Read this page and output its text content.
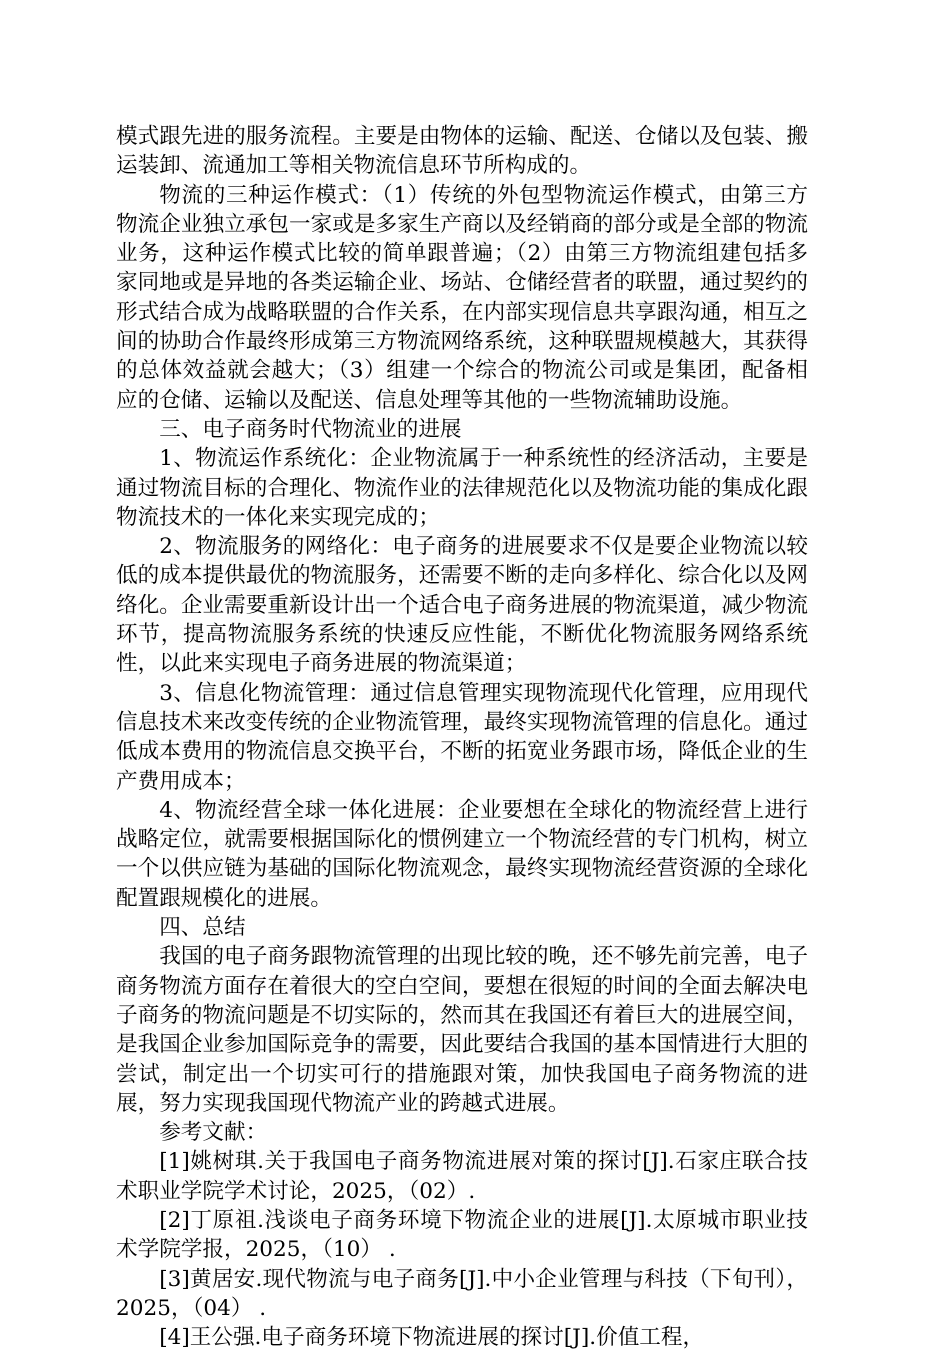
模式跟先进的服务流程。主要是由物体的运输、配送、仓储以及包装、搬运装卸、流通加工等相关物流信息环节所构成的。

物流的三种运作模式：（1）传统的外包型物流运作模式，由第三方物流企业独立承包一家或是多家生产商以及经销商的部分或是全部的物流业务，这种运作模式比较的简单跟普遍；（2）由第三方物流组建包括多家同地或是异地的各类运输企业、场站、仓储经营者的联盟，通过契约的形式结合成为战略联盟的合作关系，在内部实现信息共享跟沟通，相互之间的协助合作最终形成第三方物流网络系统，这种联盟规模越大，其获得的总体效益就会越大；（3）组建一个综合的物流公司或是集团，配备相应的仓储、运输以及配送、信息处理等其他的一些物流辅助设施。

三、电子商务时代物流业的进展

1、物流运作系统化：企业物流属于一种系统性的经济活动，主要是通过物流目标的合理化、物流作业的法律规范化以及物流功能的集成化跟物流技术的一体化来实现完成的；

2、物流服务的网络化：电子商务的进展要求不仅是要企业物流以较低的成本提供最优的物流服务，还需要不断的走向多样化、综合化以及网络化。企业需要重新设计出一个适合电子商务进展的物流渠道，减少物流环节，提高物流服务系统的快速反应性能，不断优化物流服务网络系统性，以此来实现电子商务进展的物流渠道；

3、信息化物流管理：通过信息管理实现物流现代化管理，应用现代信息技术来改变传统的企业物流管理，最终实现物流管理的信息化。通过低成本费用的物流信息交换平台，不断的拓宽业务跟市场，降低企业的生产费用成本；

4、物流经营全球一体化进展：企业要想在全球化的物流经营上进行战略定位，就需要根据国际化的惯例建立一个物流经营的专门机构，树立一个以供应链为基础的国际化物流观念，最终实现物流经营资源的全球化配置跟规模化的进展。

四、总结

我国的电子商务跟物流管理的出现比较的晚，还不够先前完善，电子商务物流方面存在着很大的空白空间，要想在很短的时间的全面去解决电子商务的物流问题是不切实际的，然而其在我国还有着巨大的进展空间，是我国企业参加国际竞争的需要，因此要结合我国的基本国情进行大胆的尝试，制定出一个切实可行的措施跟对策，加快我国电子商务物流的进展，努力实现我国现代物流产业的跨越式进展。

参考文献：

[1]姚树琪.关于我国电子商务物流进展对策的探讨[J].石家庄联合技术职业学院学术讨论，2025，（02）.

[2]丁原祖.浅谈电子商务环境下物流企业的进展[J].太原城市职业技术学院学报，2025，（10） .

[3]黄居安.现代物流与电子商务[J].中小企业管理与科技（下旬刊）， 2025，（04） .

[4]王公强.电子商务环境下物流进展的探讨[J].价值工程，
